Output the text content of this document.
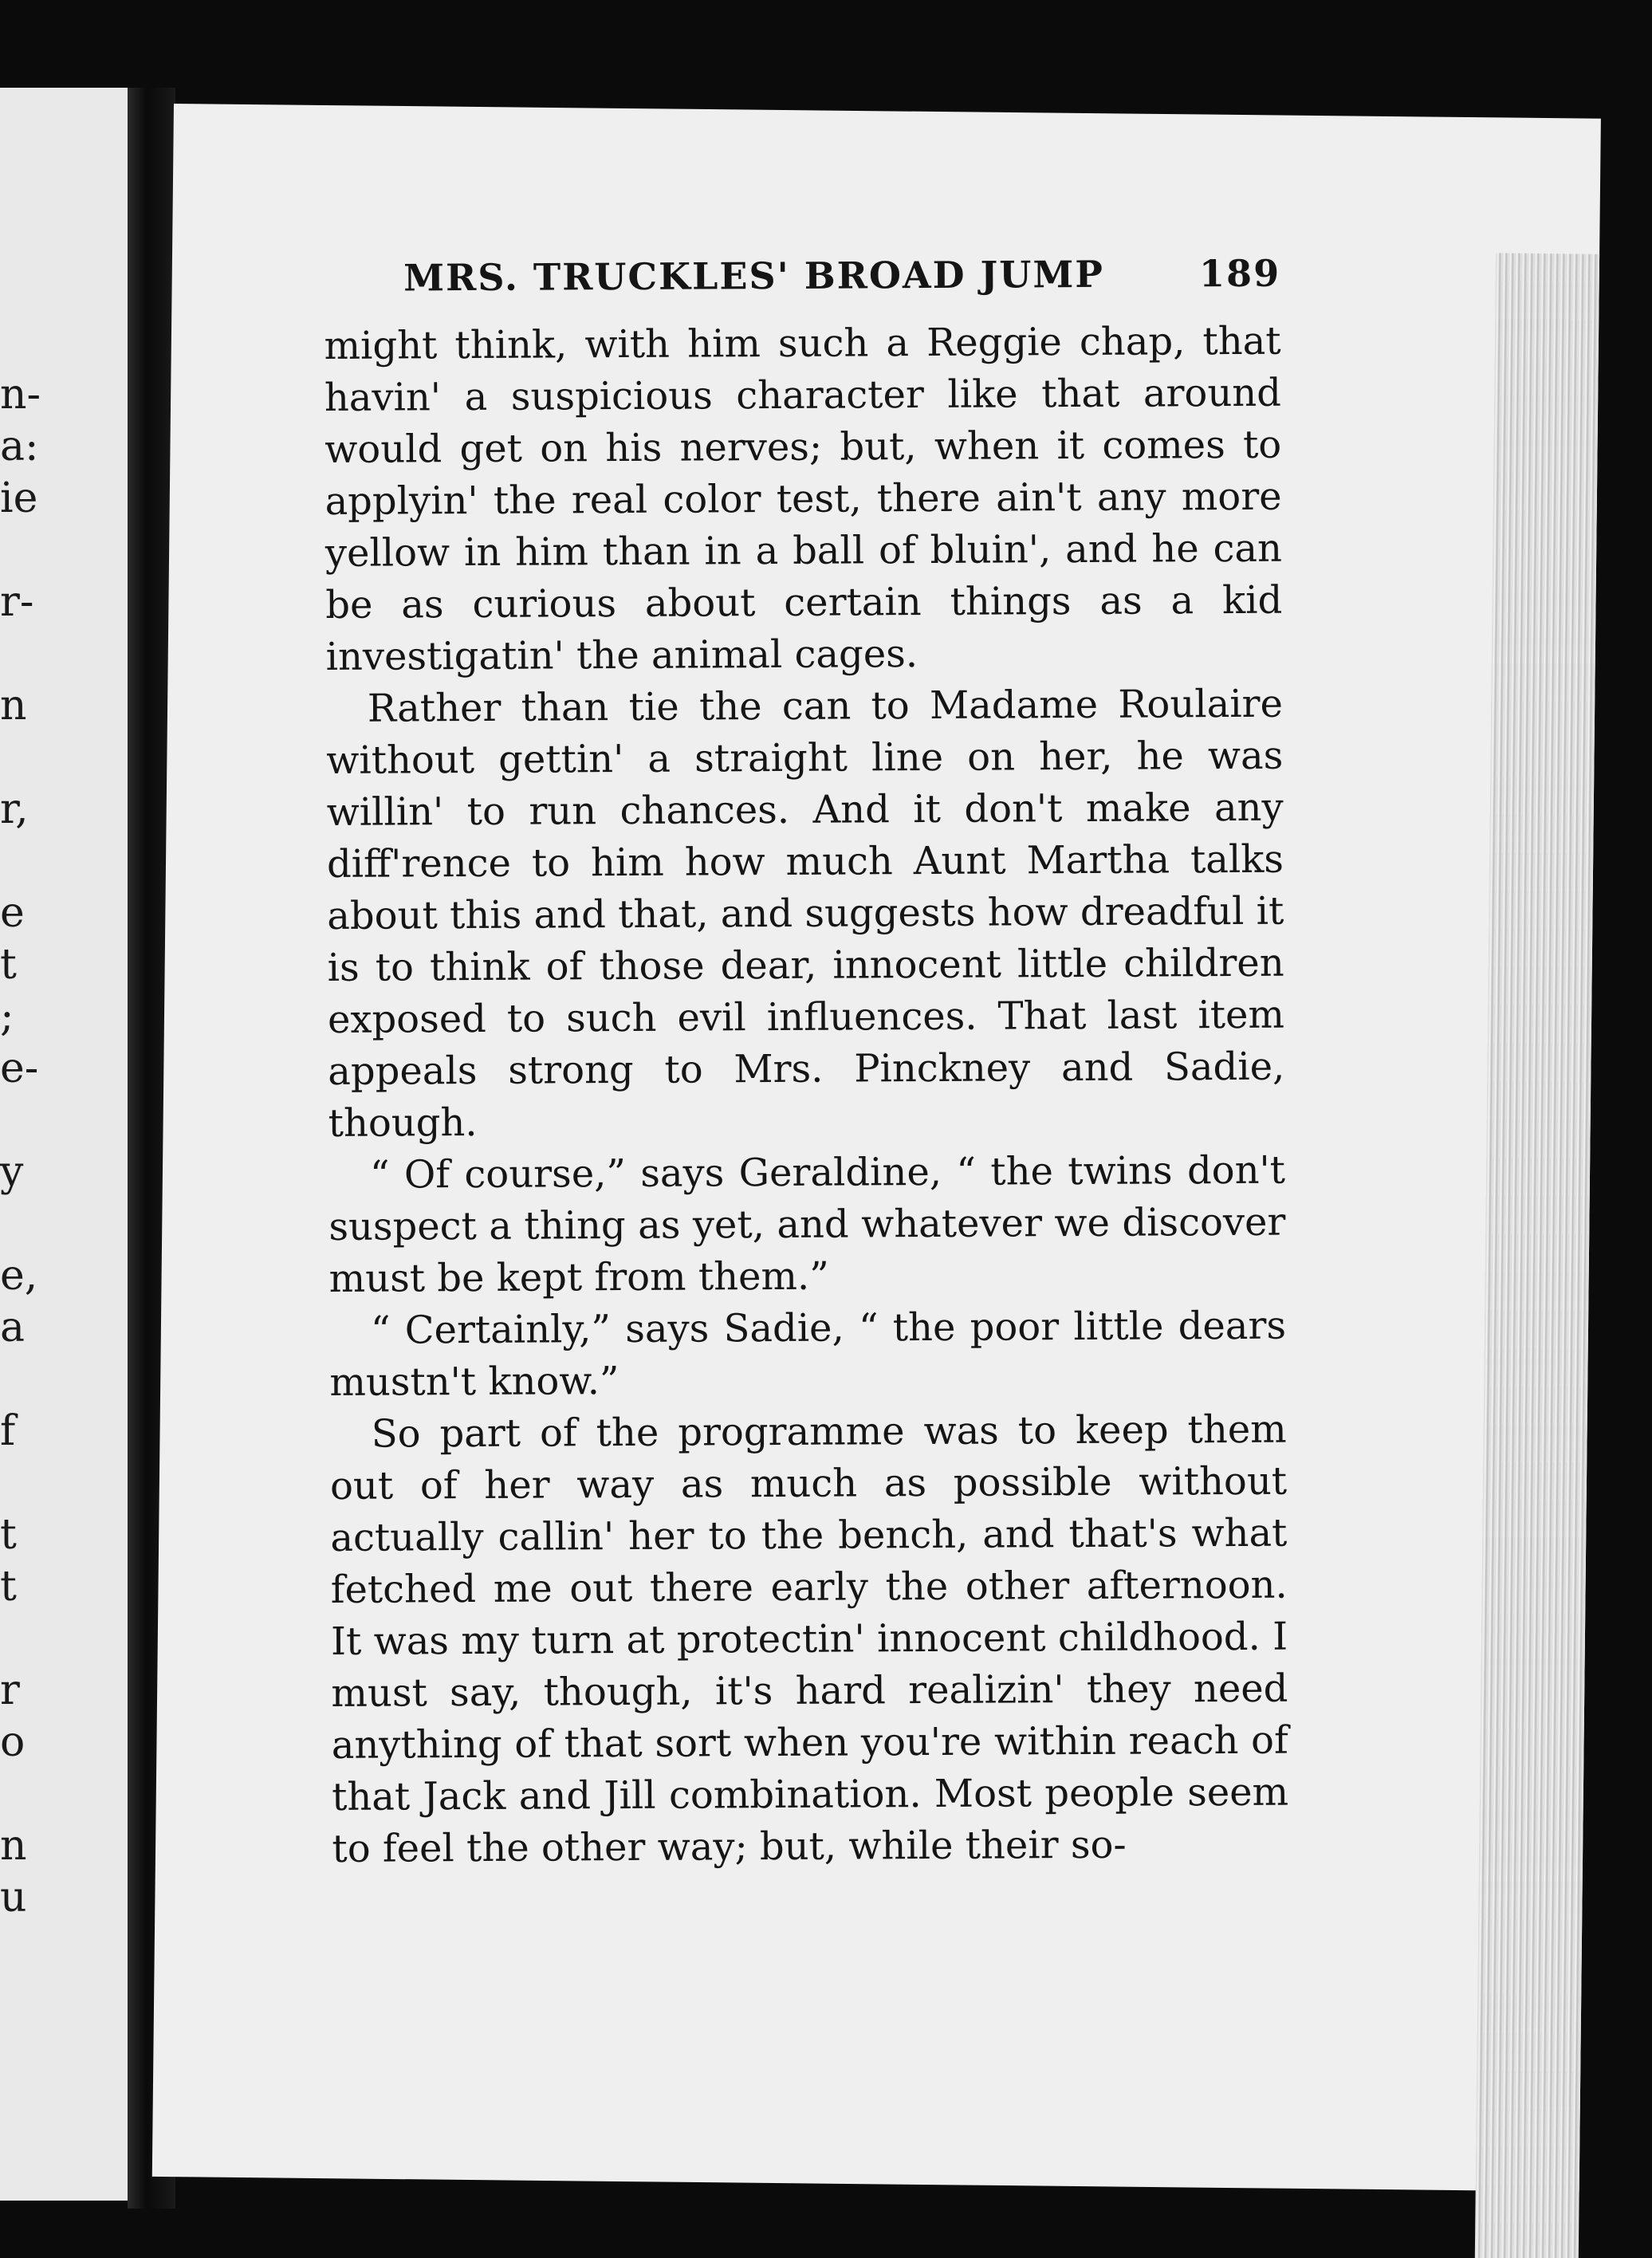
n-
a:
ie
r-
n
r,
e
t
;
e-
y
e,
a
f
t
t
r
o
n
u
MRS. TRUCKLES' BROAD JUMP	189

might think, with him such a Reggie chap, that havin' a suspicious character like that around would get on his nerves; but, when it comes to applyin' the real color test, there ain't any more yellow in him than in a ball of bluin', and he can be as curious about certain things as a kid investigatin' the animal cages.

Rather than tie the can to Madame Roulaire without gettin' a straight line on her, he was willin' to run chances. And it don't make any diff'rence to him how much Aunt Martha talks about this and that, and suggests how dreadful it is to think of those dear, innocent little children exposed to such evil influences. That last item appeals strong to Mrs. Pinckney and Sadie, though.

“ Of course,” says Geraldine, “ the twins don't suspect a thing as yet, and whatever we discover must be kept from them.”

“ Certainly,” says Sadie, “ the poor little dears mustn't know.”

So part of the programme was to keep them out of her way as much as possible without actually callin' her to the bench, and that's what fetched me out there early the other afternoon. It was my turn at protectin' innocent childhood. I must say, though, it's hard realizin' they need anything of that sort when you're within reach of that Jack and Jill combination. Most people seem to feel the other way; but, while their so-
